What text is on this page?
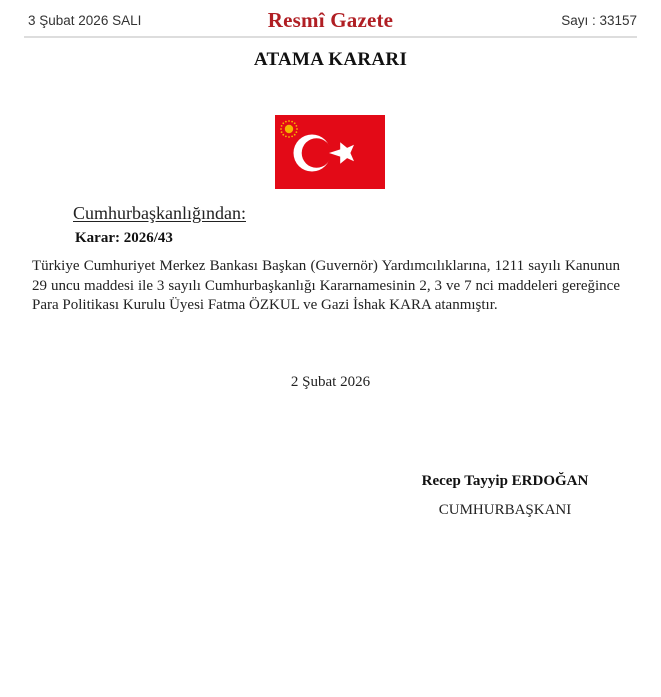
3 Şubat 2026 SALI	Resmî Gazete	Sayı : 33157
ATAMA KARARI
Cumhurbaşkanlığından:
Karar: 2026/43
Türkiye Cumhuriyet Merkez Bankası Başkan (Guvernör) Yardımcılıklarına, 1211 sayılı Kanunun 29 uncu maddesi ile 3 sayılı Cumhurbaşkanlığı Kararnamesinin 2, 3 ve 7 nci maddeleri gereğince Para Politikası Kurulu Üyesi Fatma ÖZKUL ve Gazi İshak KARA atanmıştır.
2 Şubat 2026
Recep Tayyip ERDOĞAN
CUMHURBAŞKANI
